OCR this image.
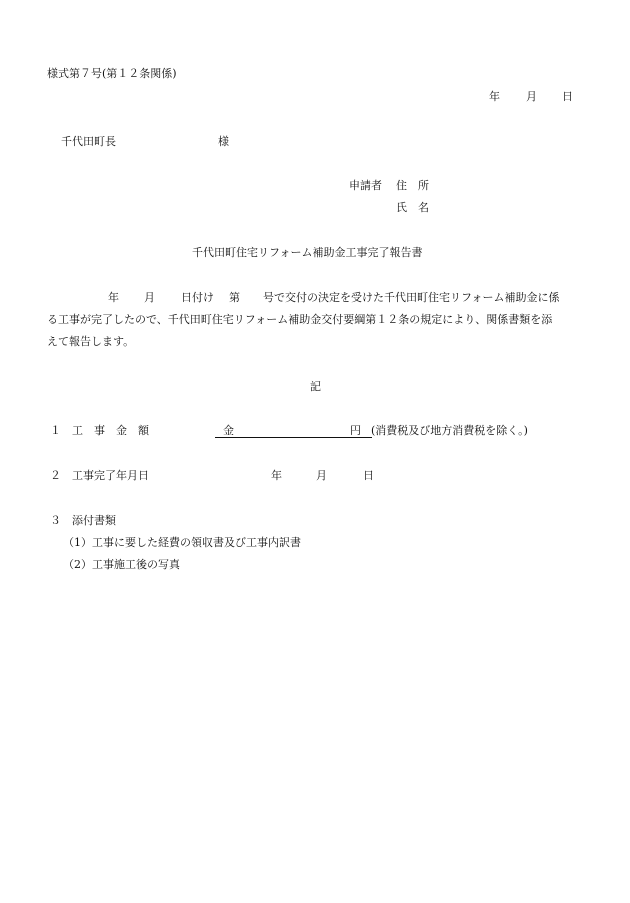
様式第７号(第１２条関係)
年 月 日
千代田町長	様
申請者 住　所
氏　名
千代田町住宅リフォーム補助金工事完了報告書
年 月 日付け 第 号で交付の決定を受けた千代田町住宅リフォーム補助金に係
る工事が完了したので、千代田町住宅リフォーム補助金交付要綱第１２条の規定により、関係書類を添
えて報告します。
記
１ 工　事　金　額	金	円 (消費税及び地方消費税を除く。)
２ 工事完了年月日	年	月	日
３ 添付書類
（1）工事に要した経費の領収書及び工事内訳書
（2）工事施工後の写真
